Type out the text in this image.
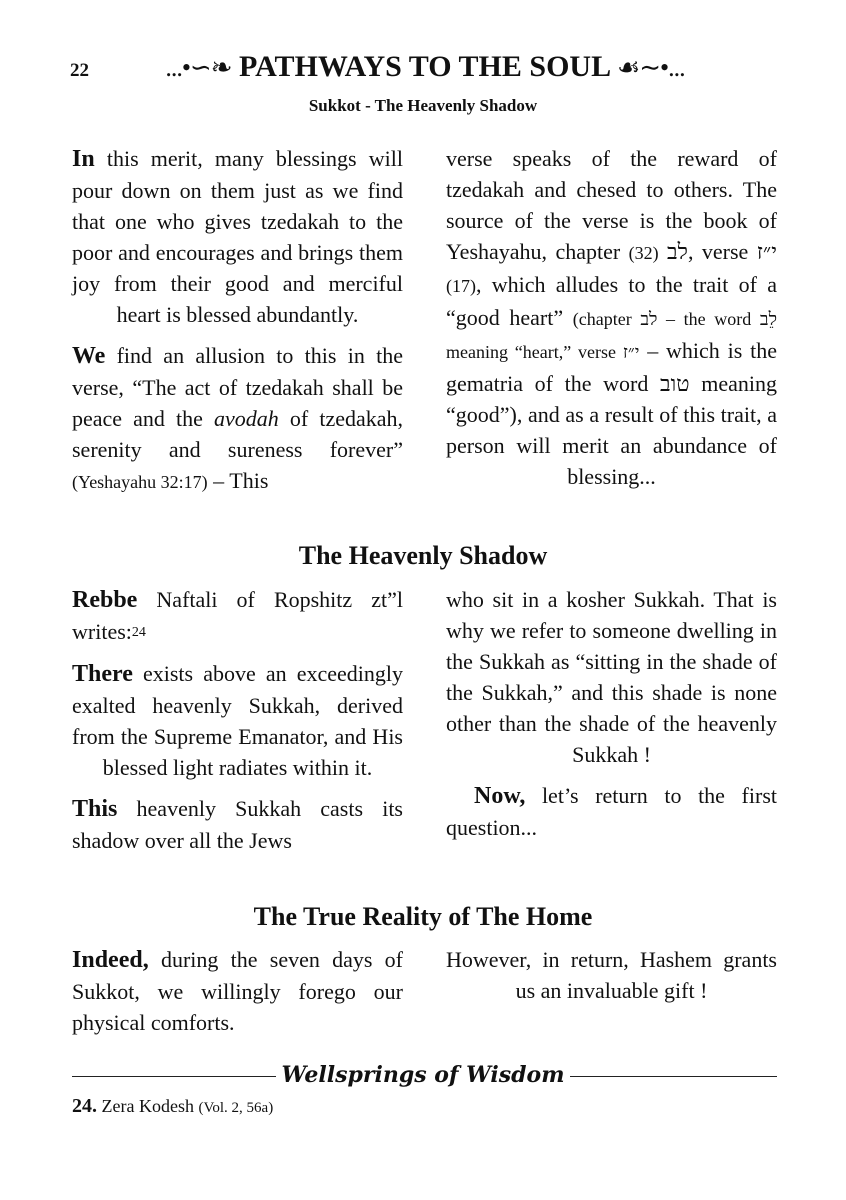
22	...•∽❧ PATHWAYS TO THE SOUL ☙∼•...
Sukkot - The Heavenly Shadow

In this merit, many blessings will pour down on them just as we find that one who gives tzedakah to the poor and encourages and brings them joy from their good and merciful heart is blessed abundantly.

We find an allusion to this in the verse, “The act of tzedakah shall be peace and the avodah of tzedakah, serenity and sureness forever” (Yeshayahu 32:17) – This

verse speaks of the reward of tzedakah and chesed to others. The source of the verse is the book of Yeshayahu, chapter לב (32) , verse י״ז (17), which alludes to the trait of a “good heart” (chapter לב – the word לֵב meaning “heart,” verse י״ז – which is the gematria of the word טוב meaning “good”), and as a result of this trait, a person will merit an abundance of blessing...

The Heavenly Shadow

Rebbe Naftali of Ropshitz zt”l writes:$^{24}$

There exists above an exceedingly exalted heavenly Sukkah, derived from the Supreme Emanator, and His blessed light radiates within it.

This heavenly Sukkah casts its shadow over all the Jews

who sit in a kosher Sukkah. That is why we refer to someone dwelling in the Sukkah as “sitting in the shade of the Sukkah,” and this shade is none other than the shade of the heavenly Sukkah !

Now, let’s return to the first question...

The True Reality of The Home

Indeed, during the seven days of Sukkot, we willingly forego our physical comforts.

However, in return, Hashem grants us an invaluable gift !

Wellsprings of Wisdom
24. Zera Kodesh (Vol. 2, 56a)
